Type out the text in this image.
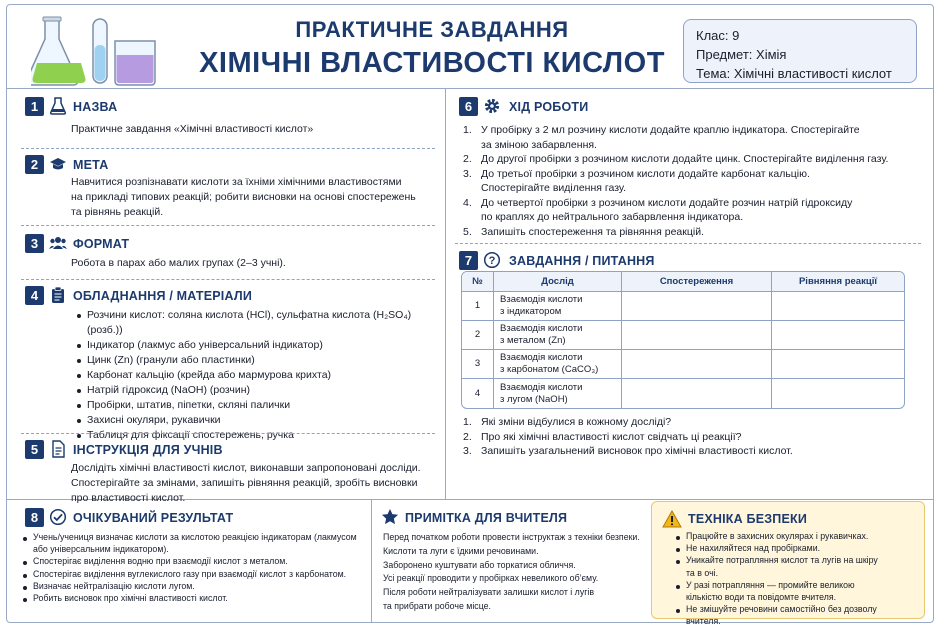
ПРАКТИЧНЕ ЗАВДАННЯ
ХІМІЧНІ ВЛАСТИВОСТІ КИСЛОТ
Клас: 9
Предмет: Хімія
Тема: Хімічні властивості кислот
1	НАЗВА
Практичне завдання «Хімічні властивості кислот»
2	МЕТА
Навчитися розпізнавати кислоти за їхніми хімічними властивостями
на прикладі типових реакцій; робити висновки на основі спостережень
та рівнянь реакцій.
3	ФОРМАТ
Робота в парах або малих групах (2–3 учні).
4	ОБЛАДНАННЯ / МАТЕРІАЛИ
Розчини кислот: соляна кислота (HCl), сульфатна кислота (H₂SO₄) (розб.))
Індикатор (лакмус або універсальний індикатор)
Цинк (Zn) (гранули або пластинки)
Карбонат кальцію (крейда або мармурова крихта)
Натрій гідроксид (NaOH) (розчин)
Пробірки, штатив, піпетки, скляні палички
Захисні окуляри, рукавички
Таблиця для фіксації спостережень, ручка
5	ІНСТРУКЦІЯ ДЛЯ УЧНІВ
Дослідіть хімічні властивості кислот, виконавши запропоновані досліди.
Спостерігайте за змінами, запишіть рівняння реакцій, зробіть висновки
про властивості кислот.
6	ХІД РОБОТИ
1. У пробірку з 2 мл розчину кислоти додайте краплю індикатора. Спостерігайте
за зміною забарвлення.
2. До другої пробірки з розчином кислоти додайте цинк. Спостерігайте виділення газу.
3. До третьої пробірки з розчином кислоти додайте карбонат кальцію.
Спостерігайте виділення газу.
4. До четвертої пробірки з розчином кислоти додайте розчин натрій гідроксиду
по краплях до нейтрального забарвлення індикатора.
5. Запишіть спостереження та рівняння реакцій.
7	? ЗАВДАННЯ / ПИТАННЯ
№	Дослід	Спостереження	Рівняння реакції
1	Взаємодія кислоти
з індикатором		

2	Взаємодія кислоти
з металом (Zn)		

3	Взаємодія кислоти
з карбонатом (CaCO₃)		

4	Взаємодія кислоти
з лугом (NaOH)		

1. Які зміни відбулися в кожному досліді?
2. Про які хімічні властивості кислот свідчать ці реакції?
3. Запишіть узагальнений висновок про хімічні властивості кислот.
8	ОЧІКУВАНИЙ РЕЗУЛЬТАТ
Учень/учениця визначає кислоти за кислотою реакцією індикаторам (лакмусом
або універсальним індикатором).
Спостерігає виділення водню при взаємодії кислот з металом.
Спостерігає виділення вуглекислого газу при взаємодії кислот з карбонатом.
Визначає нейтралізацію кислоти лугом.
Робить висновок про хімічні властивості кислот.
ПРИМІТКА ДЛЯ ВЧИТЕЛЯ
Перед початком роботи провести інструктаж з техніки безпеки.
Кислоти та луги є їдкими речовинами.
Заборонено куштувати або торкатися обличчя.
Усі реакції проводити у пробірках невеликого об’єму.
Після роботи нейтралізувати залишки кислот і лугів
та прибрати робоче місце.
ТЕХНІКА БЕЗПЕКИ
Працюйте в захисних окулярах і рукавичках.
Не нахиляйтеся над пробірками.
Уникайте потрапляння кислот та лугів на шкіру
та в очі.
У разі потрапляння — промийте великою
кількістю води та повідомте вчителя.
Не змішуйте речовини самостійно без дозволу
вчителя.
